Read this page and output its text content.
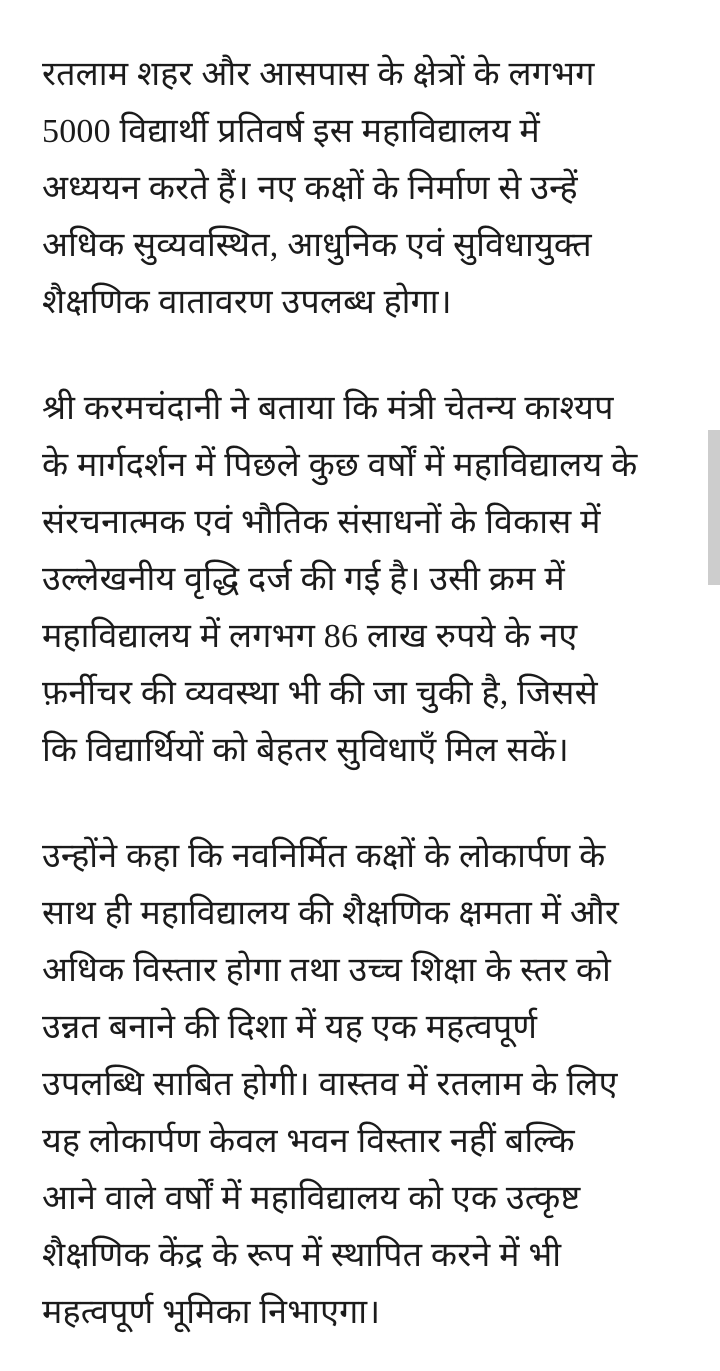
रतलाम शहर और आसपास के क्षेत्रों के लगभग
5000 विद्यार्थी प्रतिवर्ष इस महाविद्यालय में
अध्ययन करते हैं। नए कक्षों के निर्माण से उन्हें
अधिक सुव्यवस्थित, आधुनिक एवं सुविधायुक्त
शैक्षणिक वातावरण उपलब्ध होगा।

श्री करमचंदानी ने बताया कि मंत्री चेतन्य काश्यप
के मार्गदर्शन में पिछले कुछ वर्षों में महाविद्यालय के
संरचनात्मक एवं भौतिक संसाधनों के विकास में
उल्लेखनीय वृद्धि दर्ज की गई है। उसी क्रम में
महाविद्यालय में लगभग 86 लाख रुपये के नए
फ़र्नीचर की व्यवस्था भी की जा चुकी है, जिससे
कि विद्यार्थियों को बेहतर सुविधाएँ मिल सकें।

उन्होंने कहा कि नवनिर्मित कक्षों के लोकार्पण के
साथ ही महाविद्यालय की शैक्षणिक क्षमता में और
अधिक विस्तार होगा तथा उच्च शिक्षा के स्तर को
उन्नत बनाने की दिशा में यह एक महत्वपूर्ण
उपलब्धि साबित होगी। वास्तव में रतलाम के लिए
यह लोकार्पण केवल भवन विस्तार नहीं बल्कि
आने वाले वर्षों में महाविद्यालय को एक उत्कृष्ट
शैक्षणिक केंद्र के रूप में स्थापित करने में भी
महत्वपूर्ण भूमिका निभाएगा।
